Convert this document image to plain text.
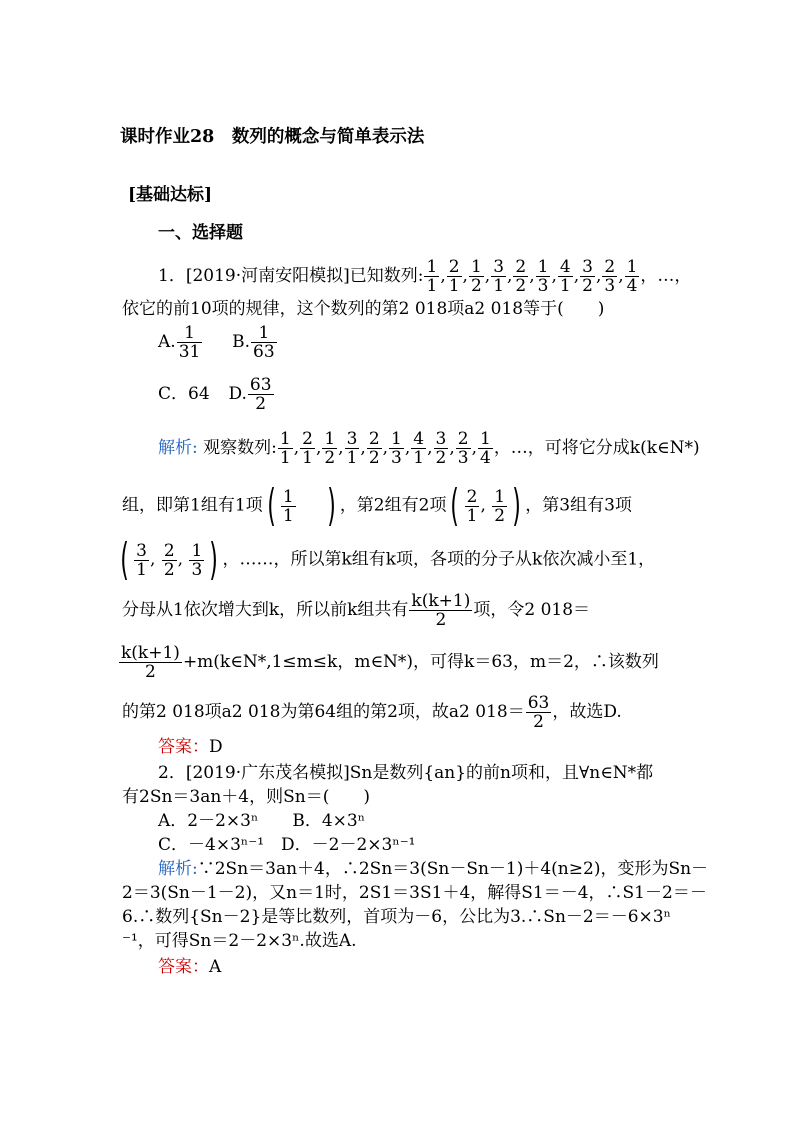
课时作业28　数列的概念与简单表示法
[基础达标]
一、选择题
1．[2019·河南安阳模拟]已知数列: $\frac{1}{1}$ , $\frac{2}{1}$ , $\frac{1}{2}$ , $\frac{3}{1}$ , $\frac{2}{2}$ , $\frac{1}{3}$ , $\frac{4}{1}$ , $\frac{3}{2}$ , $\frac{2}{3}$ , $\frac{1}{4}$ ，…，
依它的前10项的规律，这个数列的第2 018项a2 018等于(　　)
A. $\frac{1}{31} B$. $\frac{1}{63}$
C．64 D. $\frac{63}{2}$
解析: 观察数列: $\frac{1}{1}$ , $\frac{2}{1}$ , $\frac{1}{2}$ , $\frac{3}{1}$ , $\frac{2}{2}$ , $\frac{1}{3}$ , $\frac{4}{1}$ , $\frac{3}{2}$ , $\frac{2}{3}$ , $\frac{1}{4}$ ，…，可将它分成k(k∈N*)
组，即第1组有1项( $\frac{1}{1}$ ) ，第2组有2项( $\frac{2}{1}$ , $\frac{1}{2}$ ) ，第3组有3项
( $\frac{3}{1}$ , $\frac{2}{2}$ , $\frac{1}{3}$ ) ，……，所以第k组有k项，各项的分子从k依次减小至1，
分母从1依次增大到k，所以前k组共有 $\frac{k(k+1)}{2}$ 项，令2 018＝
$\frac{k(k+1)}{2}$ +m(k∈N*,1≤m≤k，m∈N*)，可得k＝63，m＝2，∴该数列
的第2 018项a2 018为第64组的第2项，故a2 $018= \frac{63}{2}$ ，故选D.
答案：D
2．[2019·广东茂名模拟]Sn是数列{an}的前n项和，且∀n∈N*都
有2Sn＝3an＋4，则Sn＝(　　)
A．2－2×3ⁿ　　B．4×3ⁿ
C．－4×3ⁿ⁻¹　D．－2－2×3ⁿ⁻¹
解析:∵2Sn＝3an＋4，∴2Sn＝3(Sn－Sn－1)＋4(n≥2)，变形为Sn－
2＝3(Sn－1－2)，又n＝1时，2S1＝3S1＋4，解得S1＝－4，∴S1－2＝－
6.∴数列{Sn－2}是等比数列，首项为－6，公比为3.∴Sn－2＝－6×3ⁿ
⁻¹，可得Sn＝2－2×3ⁿ.故选A.
答案：A
